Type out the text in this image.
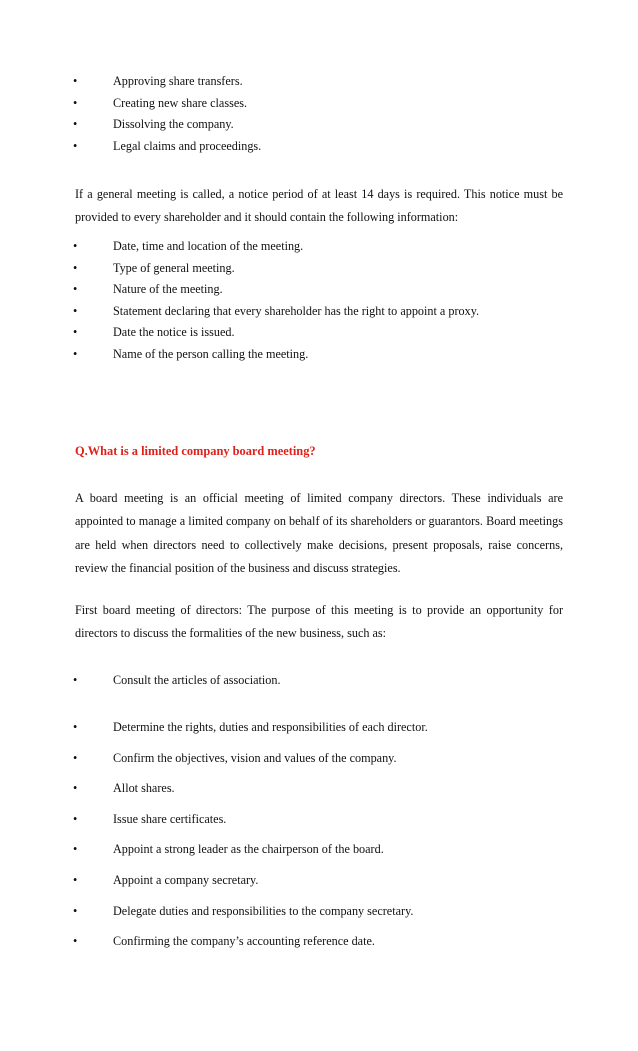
•	Approving share transfers.
•	Creating new share classes.
•	Dissolving the company.
•	Legal claims and proceedings.

If a general meeting is called, a notice period of at least 14 days is required. This notice must be provided to every shareholder and it should contain the following information:

•	Date, time and location of the meeting.
•	Type of general meeting.
•	Nature of the meeting.
•	Statement declaring that every shareholder has the right to appoint a proxy.
•	Date the notice is issued.
•	Name of the person calling the meeting.
Q.What is a limited company board meeting?

A board meeting is an official meeting of limited company directors. These individuals are appointed to manage a limited company on behalf of its shareholders or guarantors. Board meetings are held when directors need to collectively make decisions, present proposals, raise concerns, review the financial position of the business and discuss strategies.

First board meeting of directors: The purpose of this meeting is to provide an opportunity for directors to discuss the formalities of the new business, such as:

•	Consult the articles of association.
•	Determine the rights, duties and responsibilities of each director.
•	Confirm the objectives, vision and values of the company.
•	Allot shares.
•	Issue share certificates.
•	Appoint a strong leader as the chairperson of the board.
•	Appoint a company secretary.
•	Delegate duties and responsibilities to the company secretary.
•	Confirming the company’s accounting reference date.
